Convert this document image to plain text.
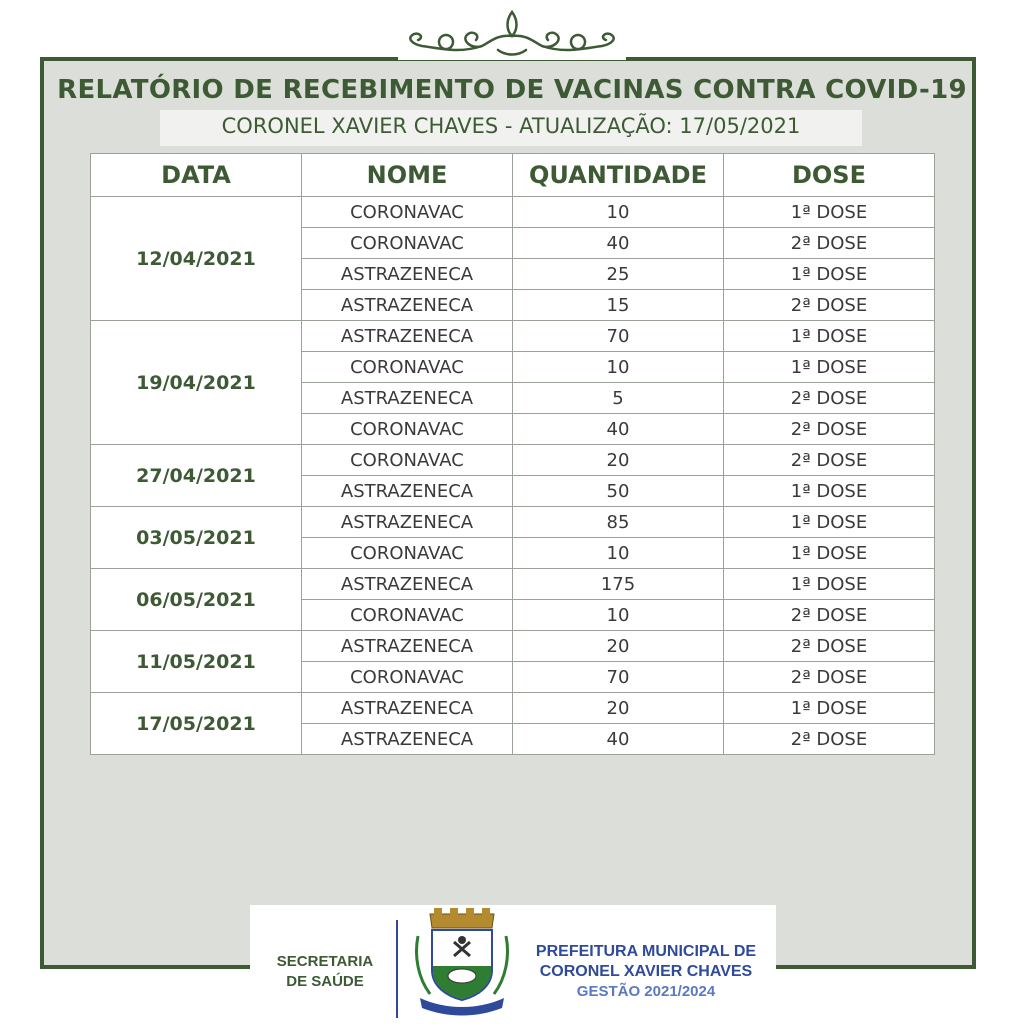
RELATÓRIO DE RECEBIMENTO DE VACINAS CONTRA COVID-19
CORONEL XAVIER CHAVES - ATUALIZAÇÃO: 17/05/2021
DATA	NOME	QUANTIDADE	DOSE
12/04/2021	CORONAVAC	10	1ª DOSE
	CORONAVAC	40	2ª DOSE
	ASTRAZENECA	25	1ª DOSE
	ASTRAZENECA	15	2ª DOSE
19/04/2021	ASTRAZENECA	70	1ª DOSE
	CORONAVAC	10	1ª DOSE
	ASTRAZENECA	5	2ª DOSE
	CORONAVAC	40	2ª DOSE
27/04/2021	CORONAVAC	20	2ª DOSE
	ASTRAZENECA	50	1ª DOSE
03/05/2021	ASTRAZENECA	85	1ª DOSE
	CORONAVAC	10	1ª DOSE
06/05/2021	ASTRAZENECA	175	1ª DOSE
	CORONAVAC	10	2ª DOSE
11/05/2021	ASTRAZENECA	20	2ª DOSE
	CORONAVAC	70	2ª DOSE
17/05/2021	ASTRAZENECA	20	1ª DOSE
	ASTRAZENECA	40	2ª DOSE
SECRETARIA
DE SAÚDE
PREFEITURA MUNICIPAL DE
CORONEL XAVIER CHAVES
GESTÃO 2021/2024
